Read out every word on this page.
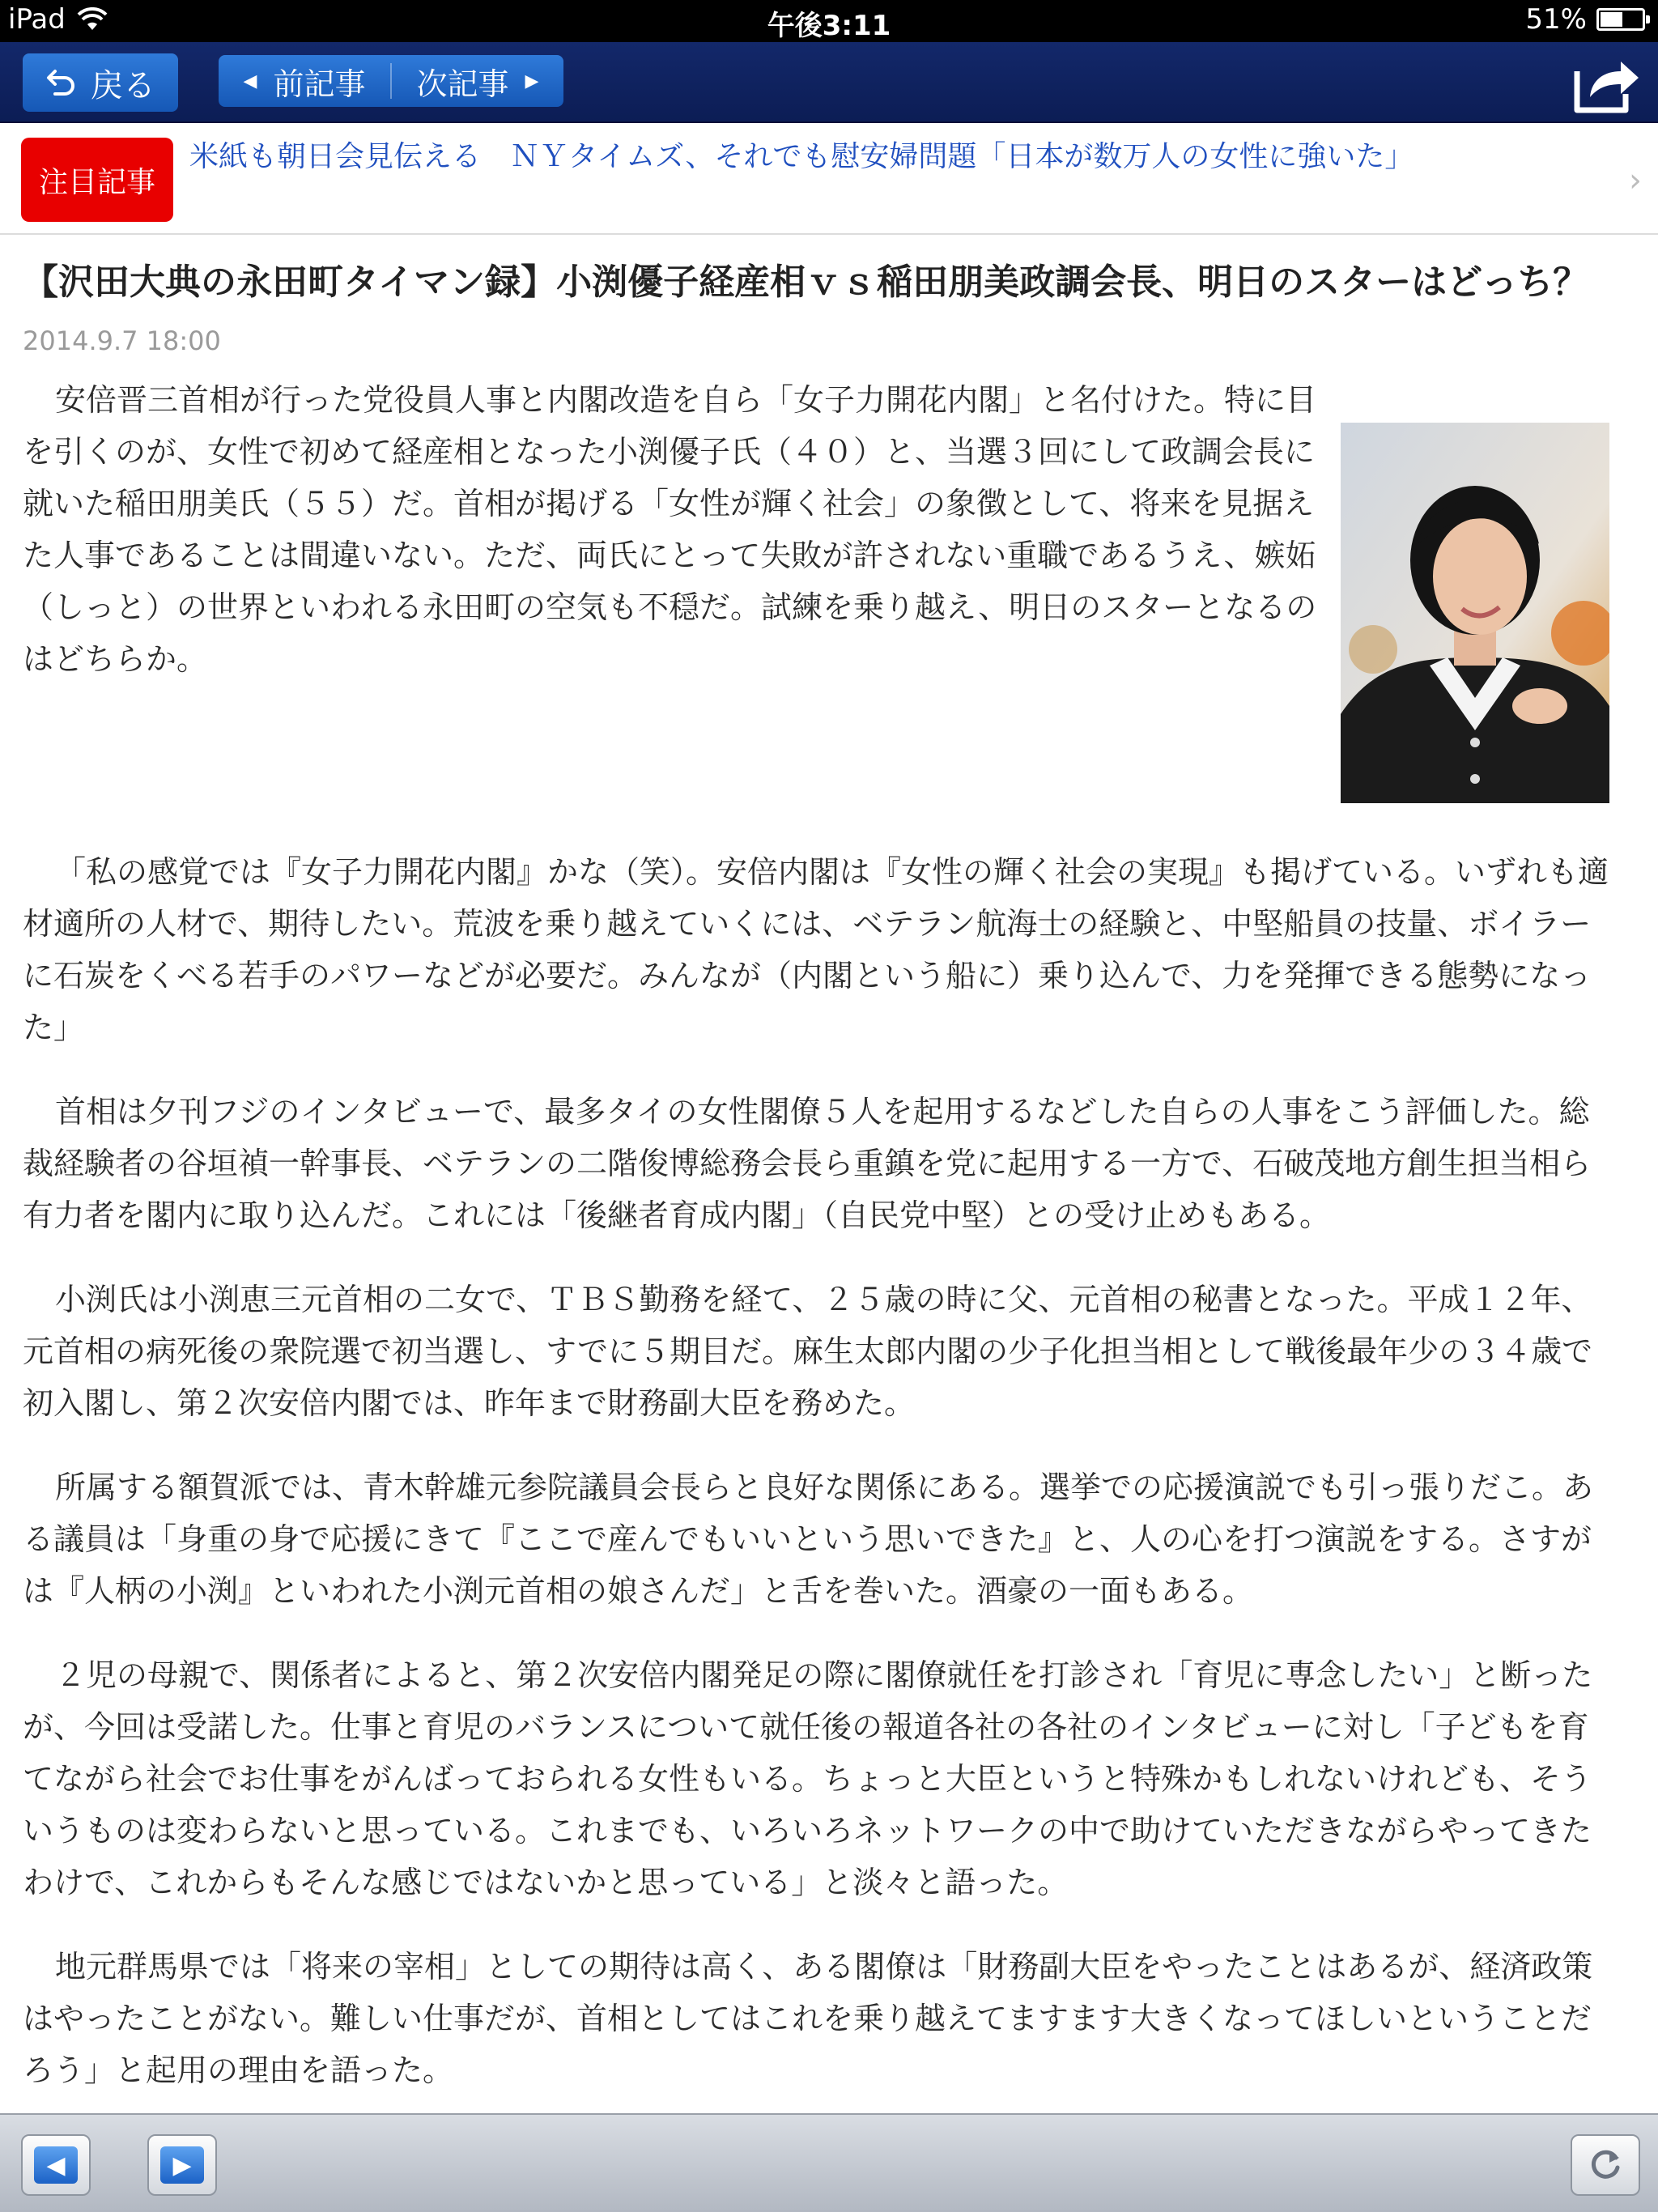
iPad	午後3:11	51%
戻る	◀ 前記事 次記事 ▶
注目記事
米紙も朝日会見伝える　ＮＹタイムズ、それでも慰安婦問題「日本が数万人の女性に強いた」
›
【沢田大典の永田町タイマン録】小渕優子経産相ｖｓ稲田朋美政調会長、明日のスターはどっち？
2014.9.7 18:00

安倍晋三首相が行った党役員人事と内閣改造を自ら「女子力開花内閣」と名付けた。特に目を引くのが、女性で初めて経産相となった小渕優子氏（４０）と、当選３回にして政調会長に就いた稲田朋美氏（５５）だ。首相が掲げる「女性が輝く社会」の象徴として、将来を見据えた人事であることは間違いない。ただ、両氏にとって失敗が許されない重職であるうえ、嫉妬（しっと）の世界といわれる永田町の空気も不穏だ。試練を乗り越え、明日のスターとなるのはどちらか。

「私の感覚では『女子力開花内閣』かな（笑）。安倍内閣は『女性の輝く社会の実現』も掲げている。いずれも適材適所の人材で、期待したい。荒波を乗り越えていくには、ベテラン航海士の経験と、中堅船員の技量、ボイラーに石炭をくべる若手のパワーなどが必要だ。みんなが（内閣という船に）乗り込んで、力を発揮できる態勢になった」

首相は夕刊フジのインタビューで、最多タイの女性閣僚５人を起用するなどした自らの人事をこう評価した。総裁経験者の谷垣禎一幹事長、ベテランの二階俊博総務会長ら重鎮を党に起用する一方で、石破茂地方創生担当相ら有力者を閣内に取り込んだ。これには「後継者育成内閣」（自民党中堅）との受け止めもある。

小渕氏は小渕恵三元首相の二女で、ＴＢＳ勤務を経て、２５歳の時に父、元首相の秘書となった。平成１２年、元首相の病死後の衆院選で初当選し、すでに５期目だ。麻生太郎内閣の少子化担当相として戦後最年少の３４歳で初入閣し、第２次安倍内閣では、昨年まで財務副大臣を務めた。

所属する額賀派では、青木幹雄元参院議員会長らと良好な関係にある。選挙での応援演説でも引っ張りだこ。ある議員は「身重の身で応援にきて『ここで産んでもいいという思いできた』と、人の心を打つ演説をする。さすがは『人柄の小渕』といわれた小渕元首相の娘さんだ」と舌を巻いた。酒豪の一面もある。

２児の母親で、関係者によると、第２次安倍内閣発足の際に閣僚就任を打診され「育児に専念したい」と断ったが、今回は受諾した。仕事と育児のバランスについて就任後の報道各社の各社のインタビューに対し「子どもを育てながら社会でお仕事をがんばっておられる女性もいる。ちょっと大臣というと特殊かもしれないけれども、そういうものは変わらないと思っている。これまでも、いろいろネットワークの中で助けていただきながらやってきたわけで、これからもそんな感じではないかと思っている」と淡々と語った。

地元群馬県では「将来の宰相」としての期待は高く、ある閣僚は「財務副大臣をやったことはあるが、経済政策はやったことがない。難しい仕事だが、首相としてはこれを乗り越えてますます大きくなってほしいということだろう」と起用の理由を語った。

◀	▶
